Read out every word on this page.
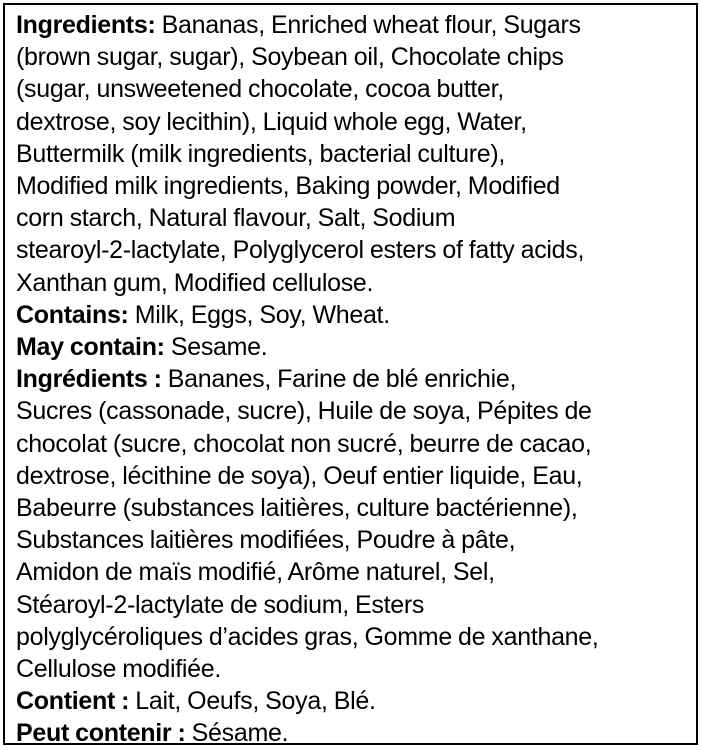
Ingredients: Bananas, Enriched wheat flour, Sugars
(brown sugar, sugar), Soybean oil, Chocolate chips
(sugar, unsweetened chocolate, cocoa butter,
dextrose, soy lecithin), Liquid whole egg, Water,
Buttermilk (milk ingredients, bacterial culture),
Modified milk ingredients, Baking powder, Modified
corn starch, Natural flavour, Salt, Sodium
stearoyl-2-lactylate, Polyglycerol esters of fatty acids,
Xanthan gum, Modified cellulose.
Contains: Milk, Eggs, Soy, Wheat.
May contain: Sesame.
Ingrédients : Bananes, Farine de blé enrichie,
Sucres (cassonade, sucre), Huile de soya, Pépites de
chocolat (sucre, chocolat non sucré, beurre de cacao,
dextrose, lécithine de soya), Oeuf entier liquide, Eau,
Babeurre (substances laitières, culture bactérienne),
Substances laitières modifiées, Poudre à pâte,
Amidon de maïs modifié, Arôme naturel, Sel,
Stéaroyl-2-lactylate de sodium, Esters
polyglycéroliques d’acides gras, Gomme de xanthane,
Cellulose modifiée.
Contient : Lait, Oeufs, Soya, Blé.
Peut contenir : Sésame.
